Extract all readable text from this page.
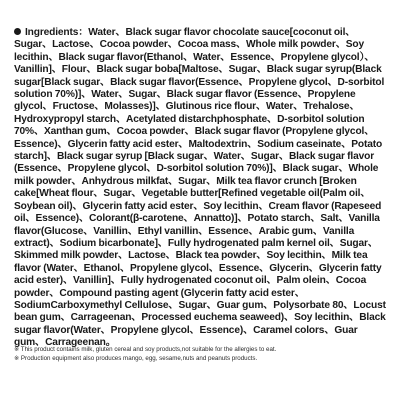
Ingredients：Water、Black sugar flavor chocolate sauce[coconut oil、Sugar、Lactose、Cocoa powder、Cocoa mass、Whole milk powder、Soy lecithin、Black sugar flavor(Ethanol、Water、Essence、Propylene glycol）、Vanillin]、Flour、Black sugar boba[Maltose、Sugar、Black sugar syrup(Black sugar[Black sugar、Black sugar flavor(Essence、Propylene glycol、D-sorbitol solution 70%)]、Water、Sugar、Black sugar flavor (Essence、Propylene glycol、Fructose、Molasses)]、Glutinous rice flour、Water、Trehalose、Hydroxypropyl starch、Acetylated distarchphosphate、D-sorbitol solution 70%、Xanthan gum、Cocoa powder、Black sugar flavor (Propylene glycol、Essence)、Glycerin fatty acid ester、Maltodextrin、Sodium caseinate、Potato starch]、Black sugar syrup [Black sugar、Water、Sugar、Black sugar flavor (Essence、Propylene glycol、D-sorbitol solution 70%)]、Black sugar、Whole milk powder、Anhydrous milkfat、Sugar、Milk tea flavor crunch [Broken cake[Wheat flour、Sugar、Vegetable butter[Refined vegetable oil(Palm oil、Soybean oil)、Glycerin fatty acid ester、Soy lecithin、Cream flavor (Rapeseed oil、Essence)、Colorant(β-carotene、Annatto)]、Potato starch、Salt、Vanilla flavor(Glucose、Vanillin、Ethyl vanillin、Essence、Arabic gum、Vanilla extract)、Sodium bicarbonate]、Fully hydrogenated palm kernel oil、Sugar、Skimmed milk powder、Lactose、Black tea powder、Soy lecithin、Milk tea flavor (Water、Ethanol、Propylene glycol、Essence、Glycerin、Glycerin fatty acid ester)、Vanillin]、Fully hydrogenated coconut oil、Palm olein、Cocoa powder、Compound pasting agent (Glycerin fatty acid ester、SodiumCarboxymethyl Cellulose、Sugar、Guar gum、Polysorbate 80、Locust bean gum、Carrageenan、Processed euchema seaweed)、Soy lecithin、Black sugar flavor(Water、Propylene glycol、Essence)、Caramel colors、Guar gum、Carrageenan。

※ This product contains milk, gluten cereal and soy products,not suitable for the allergies to eat.

※ Production equipment also produces mango, egg, sesame,nuts and peanuts products.
